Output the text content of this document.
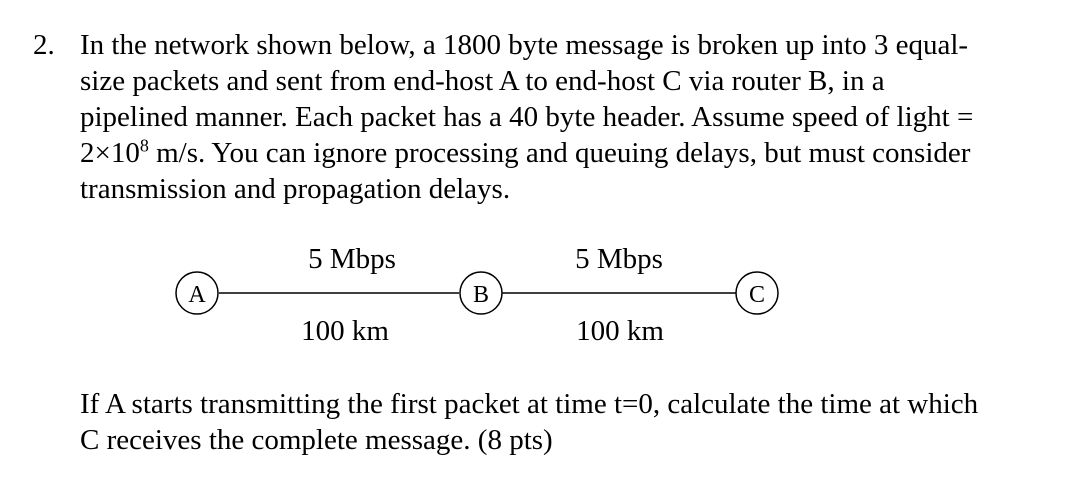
2. In the network shown below, a 1800 byte message is broken up into 3 equal-
size packets and sent from end-host A to end-host C via router B, in a
pipelined manner. Each packet has a 40 byte header. Assume speed of light =
$2\times 10^8$ m/s. You can ignore processing and queuing delays, but must consider
transmission and propagation delays.
A	B	C
5 Mbps	5 Mbps
100 km	100 km
If A starts transmitting the first packet at time t=0, calculate the time at which
C receives the complete message. (8 pts)
